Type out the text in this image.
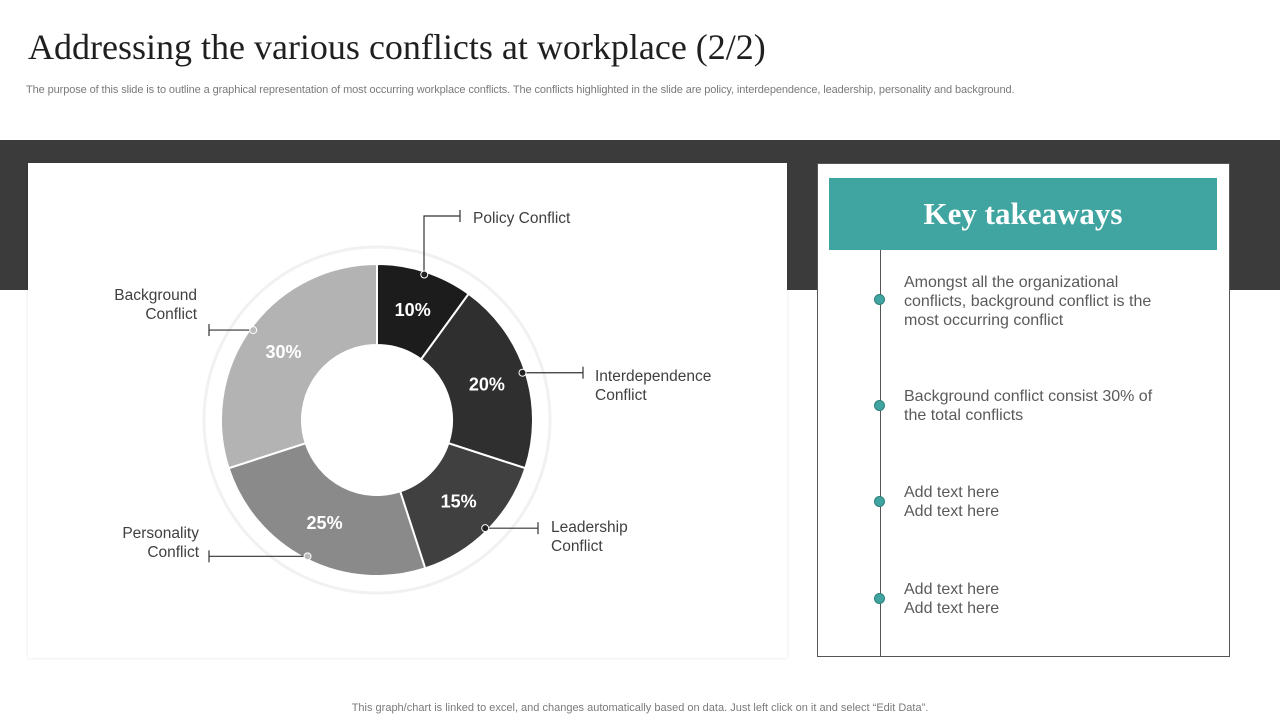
Addressing the various conflicts at workplace (2/2)
The purpose of this slide is to outline a graphical representation of most occurring workplace conflicts. The conflicts highlighted in the slide are policy, interdependence, leadership, personality and background.
10%
Policy Conflict
20%	Interdependence Conflict
15%
Leadership Conflict
25%
Personality Conflict
30%
Background Conflict
Key takeaways
Amongst all the organizational conflicts, background conflict is the most occurring conflict
Background conflict consist 30% of the total conflicts
Add text here
Add text here
Add text here
Add text here
This graph/chart is linked to excel, and changes automatically based on data. Just left click on it and select “Edit Data”.
